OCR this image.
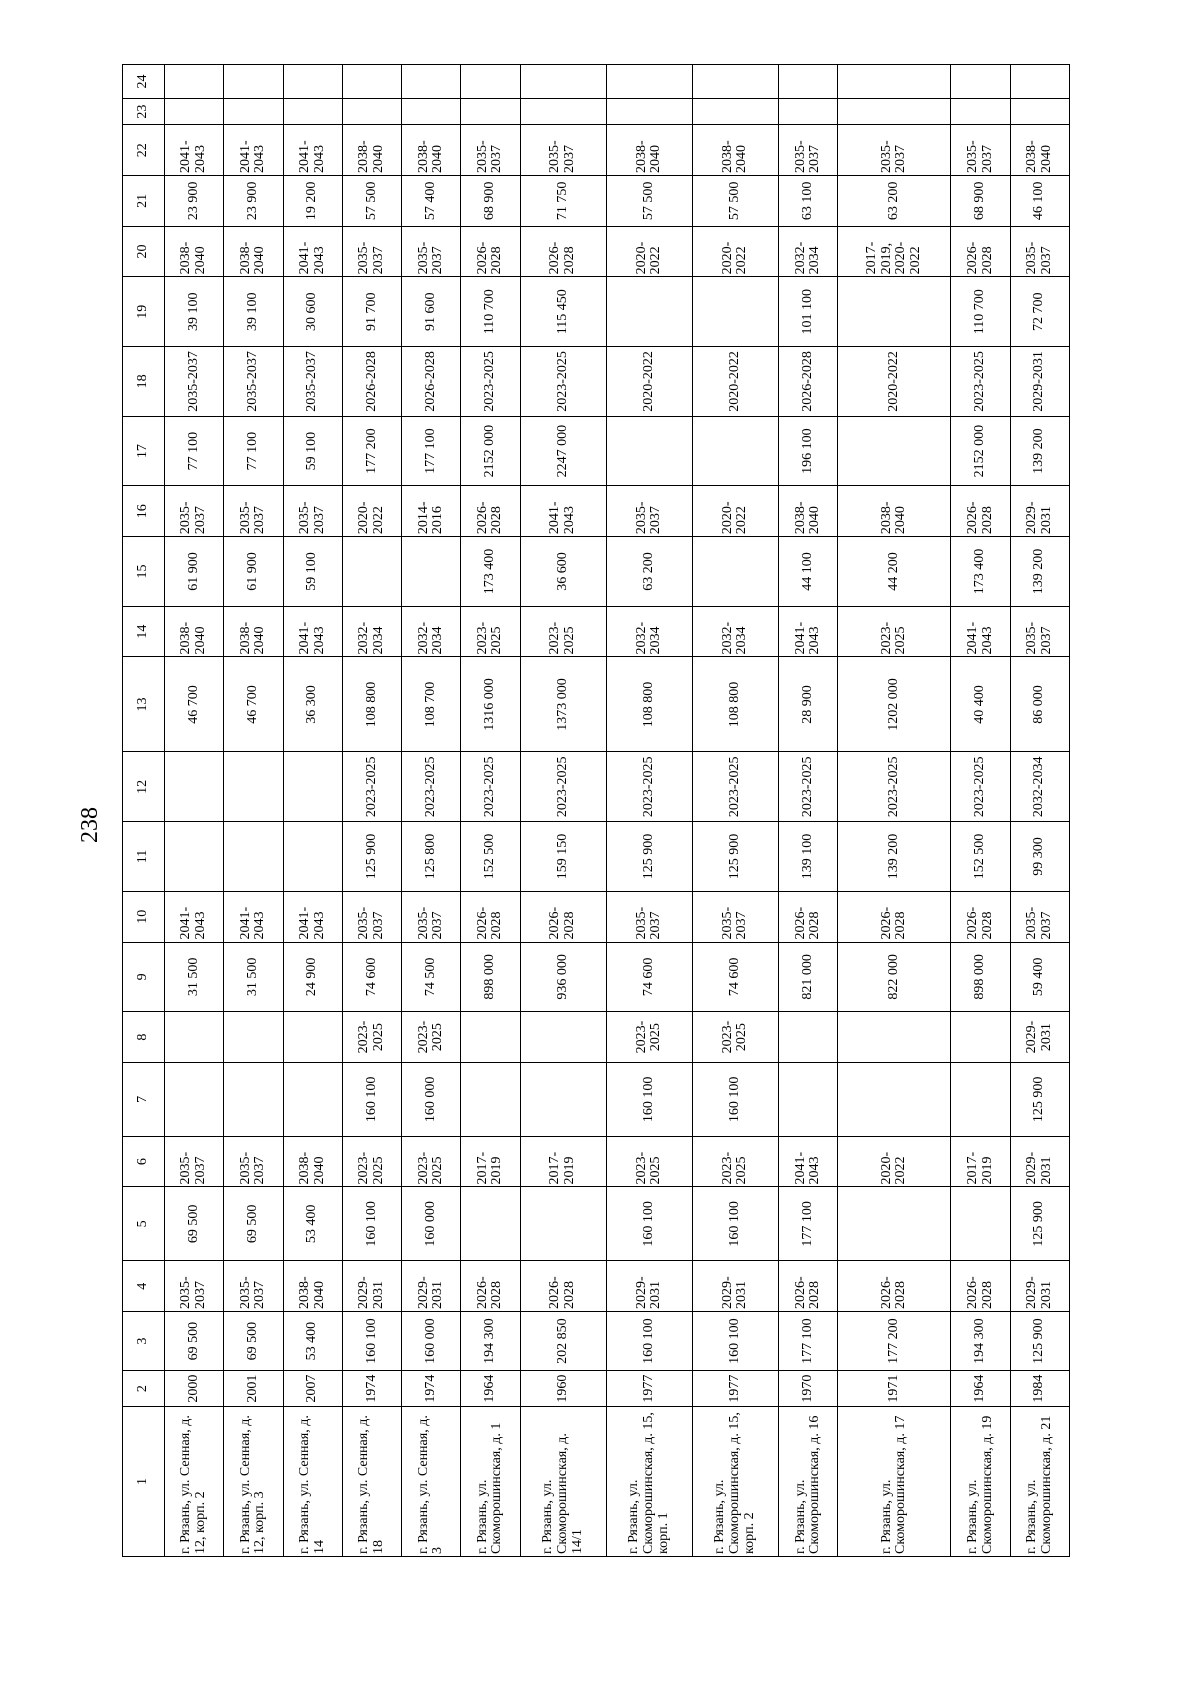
238
1	2	3	4	5	6	7	8	9	10	11	12	13	14	15	16	17	18	19	20	21	22	23	24
г. Рязань, ул. Сенная, д. 12, корп. 2	2000	69 500	2035-2037	69 500	2035-2037			31 500	2041-2043			46 700	2038-2040	61 900	2035-2037	77 100	2035-2037	39 100	2038-2040	23 900	2041-2043		
г. Рязань, ул. Сенная, д. 12, корп. 3	2001	69 500	2035-2037	69 500	2035-2037			31 500	2041-2043			46 700	2038-2040	61 900	2035-2037	77 100	2035-2037	39 100	2038-2040	23 900	2041-2043		
г. Рязань, ул. Сенная, д. 14	2007	53 400	2038-2040	53 400	2038-2040			24 900	2041-2043			36 300	2041-2043	59 100	2035-2037	59 100	2035-2037	30 600	2041-2043	19 200	2041-2043		
г. Рязань, ул. Сенная, д. 18	1974	160 100	2029-2031	160 100	2023-2025	160 100	2023-2025	74 600	2035-2037	125 900	2023-2025	108 800	2032-2034		2020-2022	177 200	2026-2028	91 700	2035-2037	57 500	2038-2040		
г. Рязань, ул. Сенная, д. 3	1974	160 000	2029-2031	160 000	2023-2025	160 000	2023-2025	74 500	2035-2037	125 800	2023-2025	108 700	2032-2034		2014-2016	177 100	2026-2028	91 600	2035-2037	57 400	2038-2040		
г. Рязань, ул. Скоморошинская, д. 1	1964	194 300	2026-2028		2017-2019			898 000	2026-2028	152 500	2023-2025	1316 000	2023-2025	173 400	2026-2028	2152 000	2023-2025	110 700	2026-2028	68 900	2035-2037		
г. Рязань, ул. Скоморошинская, д. 14/1	1960	202 850	2026-2028		2017-2019			936 000	2026-2028	159 150	2023-2025	1373 000	2023-2025	36 600	2041-2043	2247 000	2023-2025	115 450	2026-2028	71 750	2035-2037		
г. Рязань, ул. Скоморошинская, д. 15, корп. 1	1977	160 100	2029-2031	160 100	2023-2025	160 100	2023-2025	74 600	2035-2037	125 900	2023-2025	108 800	2032-2034	63 200	2035-2037		2020-2022		2020-2022	57 500	2038-2040		
г. Рязань, ул. Скоморошинская, д. 15, корп. 2	1977	160 100	2029-2031	160 100	2023-2025	160 100	2023-2025	74 600	2035-2037	125 900	2023-2025	108 800	2032-2034		2020-2022		2020-2022		2020-2022	57 500	2038-2040		
г. Рязань, ул. Скоморошинская, д. 16	1970	177 100	2026-2028	177 100	2041-2043			821 000	2026-2028	139 100	2023-2025	28 900	2041-2043	44 100	2038-2040	196 100	2026-2028	101 100	2032-2034	63 100	2035-2037		
г. Рязань, ул. Скоморошинская, д. 17	1971	177 200	2026-2028		2020-2022			822 000	2026-2028	139 200	2023-2025	1202 000	2023-2025	44 200	2038-2040		2020-2022		2017-2019, 2020-2022	63 200	2035-2037		
г. Рязань, ул. Скоморошинская, д. 19	1964	194 300	2026-2028		2017-2019			898 000	2026-2028	152 500	2023-2025	40 400	2041-2043	173 400	2026-2028	2152 000	2023-2025	110 700	2026-2028	68 900	2035-2037		
г. Рязань, ул. Скоморошинская, д. 21	1984	125 900	2029-2031	125 900	2029-2031	125 900	2029-2031	59 400	2035-2037	99 300	2032-2034	86 000	2035-2037	139 200	2029-2031	139 200	2029-2031	72 700	2035-2037	46 100	2038-2040		
